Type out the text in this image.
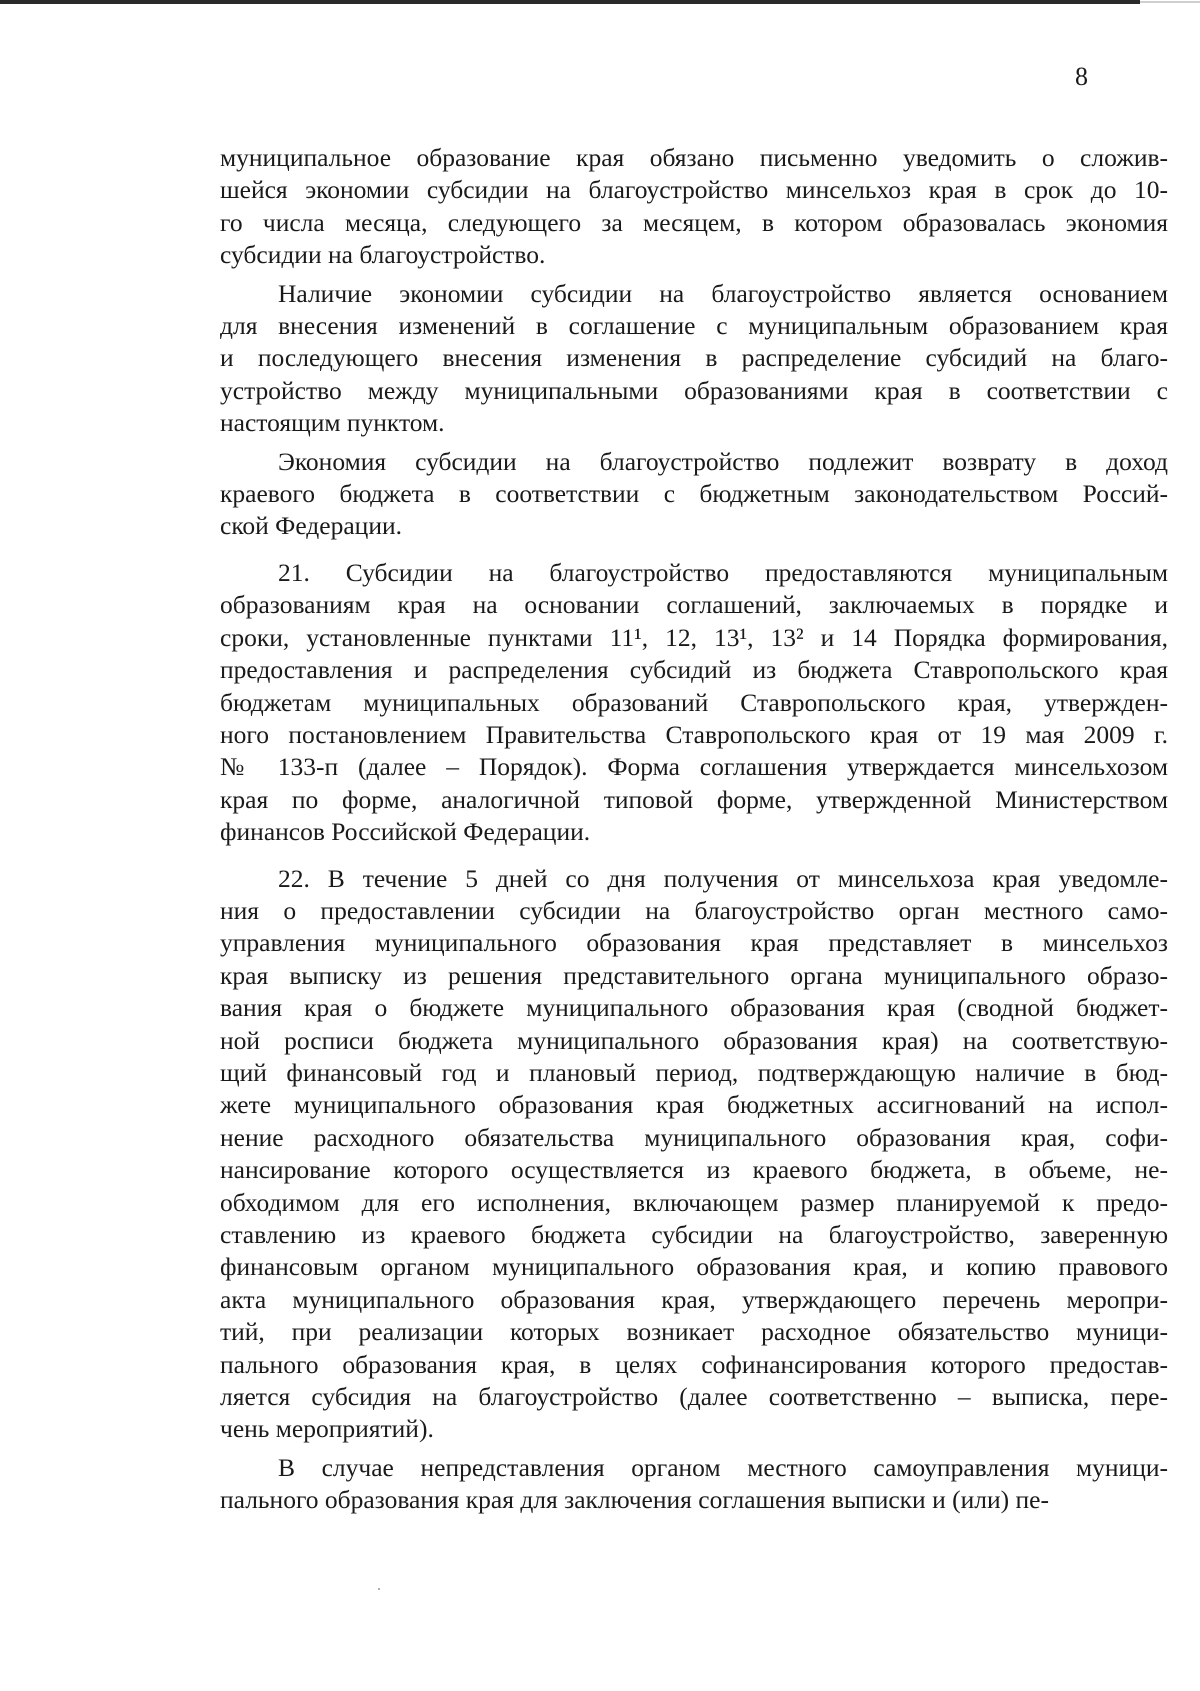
8
муниципальное образование края обязано письменно уведомить о сложив-
шейся экономии субсидии на благоустройство минсельхоз края в срок до 10-
го числа месяца, следующего за месяцем, в котором образовалась экономия
субсидии на благоустройство.
Наличие экономии субсидии на благоустройство является основанием
для внесения изменений в соглашение с муниципальным образованием края
и последующего внесения изменения в распределение субсидий на благо-
устройство между муниципальными образованиями края в соответствии с
настоящим пунктом.
Экономия субсидии на благоустройство подлежит возврату в доход
краевого бюджета в соответствии с бюджетным законодательством Россий-
ской Федерации.
21. Субсидии на благоустройство предоставляются муниципальным
образованиям края на основании соглашений, заключаемых в порядке и
сроки, установленные пунктами 11¹, 12, 13¹, 13² и 14 Порядка формирования,
предоставления и распределения субсидий из бюджета Ставропольского края
бюджетам муниципальных образований Ставропольского края, утвержден-
ного постановлением Правительства Ставропольского края от 19 мая 2009 г.
№ 133-п (далее – Порядок). Форма соглашения утверждается минсельхозом
края по форме, аналогичной типовой форме, утвержденной Министерством
финансов Российской Федерации.
22. В течение 5 дней со дня получения от минсельхоза края уведомле-
ния о предоставлении субсидии на благоустройство орган местного само-
управления муниципального образования края представляет в минсельхоз
края выписку из решения представительного органа муниципального образо-
вания края о бюджете муниципального образования края (сводной бюджет-
ной росписи бюджета муниципального образования края) на соответствую-
щий финансовый год и плановый период, подтверждающую наличие в бюд-
жете муниципального образования края бюджетных ассигнований на испол-
нение расходного обязательства муниципального образования края, софи-
нансирование которого осуществляется из краевого бюджета, в объеме, не-
обходимом для его исполнения, включающем размер планируемой к предо-
ставлению из краевого бюджета субсидии на благоустройство, заверенную
финансовым органом муниципального образования края, и копию правового
акта муниципального образования края, утверждающего перечень меропри-
тий, при реализации которых возникает расходное обязательство муници-
пального образования края, в целях софинансирования которого предостав-
ляется субсидия на благоустройство (далее соответственно – выписка, пере-
чень мероприятий).
В случае непредставления органом местного самоуправления муници-
пального образования края для заключения соглашения выписки и (или) пе-
